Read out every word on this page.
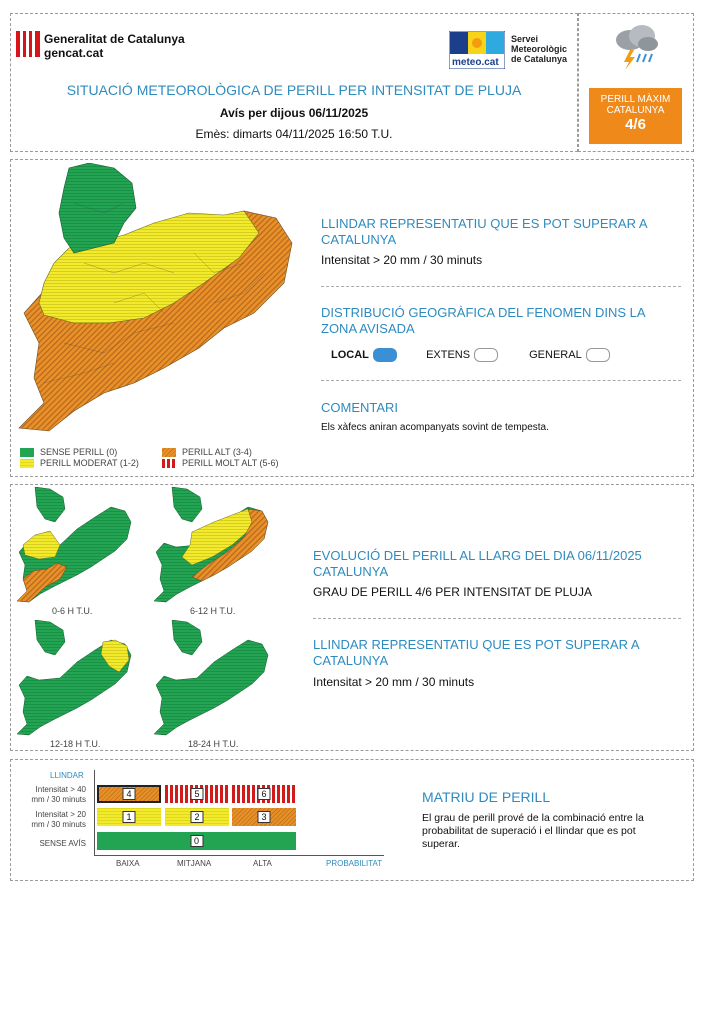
Generalitat de Catalunya
gencat.cat
meteo.cat
Servei
Meteorològic
de Catalunya
SITUACIÓ METEOROLÒGICA DE PERILL PER INTENSITAT DE PLUJA
Avís per dijous 06/11/2025
Emès: dimarts 04/11/2025 16:50 T.U.
PERILL MÀXIM
CATALUNYA
4/6
SENSE PERILL (0)
PERILL MODERAT (1-2)
PERILL ALT (3-4)
PERILL MOLT ALT (5-6)
LLINDAR REPRESENTATIU QUE ES POT SUPERAR A CATALUNYA
Intensitat > 20 mm / 30 minuts
DISTRIBUCIÓ GEOGRÀFICA DEL FENOMEN DINS LA ZONA AVISADA
LOCAL	EXTENS	GENERAL
COMENTARI
Els xàfecs aniran acompanyats sovint de tempesta.
0-6 H T.U.	6-12 H T.U.
12-18 H T.U.	18-24 H T.U.
EVOLUCIÓ DEL PERILL AL LLARG DEL DIA 06/11/2025 CATALUNYA
GRAU DE PERILL 4/6 PER INTENSITAT DE PLUJA
LLINDAR REPRESENTATIU QUE ES POT SUPERAR A CATALUNYA
Intensitat > 20 mm / 30 minuts
LLINDAR
Intensitat > 40
mm / 30 minuts
Intensitat > 20
mm / 30 minuts
SENSE AVÍS
4	5	6
1	2	3
0
BAIXA	MITJANA	ALTA	PROBABILITAT
MATRIU DE PERILL
El grau de perill prové de la combinació entre la probabilitat de superació i el llindar que es pot superar.
